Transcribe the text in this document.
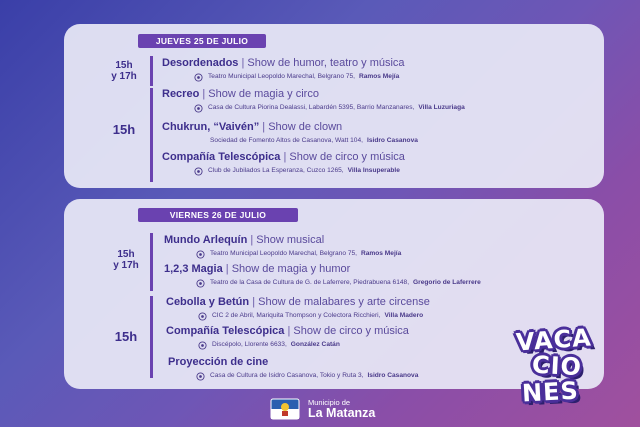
JUEVES 25 DE JULIO
15h
y 17h
15h
Desordenados | Show de humor, teatro y música
Teatro Municipal Leopoldo Marechal, Belgrano 75, Ramos Mejía
Recreo | Show de magia y circo
Casa de Cultura Piorina Dealassi, Labardén 5395, Barrio Manzanares, Villa Luzuriaga
Chukrun, “Vaivén” | Show de clown
Sociedad de Fomento Altos de Casanova, Watt 104, Isidro Casanova
Compañía Telescópica | Show de circo y música
Club de Jubilados La Esperanza, Cuzco 1265, Villa Insuperable
VIERNES 26 DE JULIO
15h
y 17h
15h
Mundo Arlequín | Show musical
Teatro Municipal Leopoldo Marechal, Belgrano 75, Ramos Mejía
1,2,3 Magia | Show de magia y humor
Teatro de la Casa de Cultura de G. de Laferrere, Piedrabuena 6148, Gregorio de Laferrere
Cebolla y Betún | Show de malabares y arte circense
CIC 2 de Abril, Mariquita Thompson y Colectora Ricchieri, Villa Madero
Compañía Telescópica | Show de circo y música
Discépolo, Llorente 6633, González Catán
Proyección de cine
Casa de Cultura de Isidro Casanova, Tokio y Ruta 3, Isidro Casanova
Municipio de
La Matanza
VACA
CIO
NES
